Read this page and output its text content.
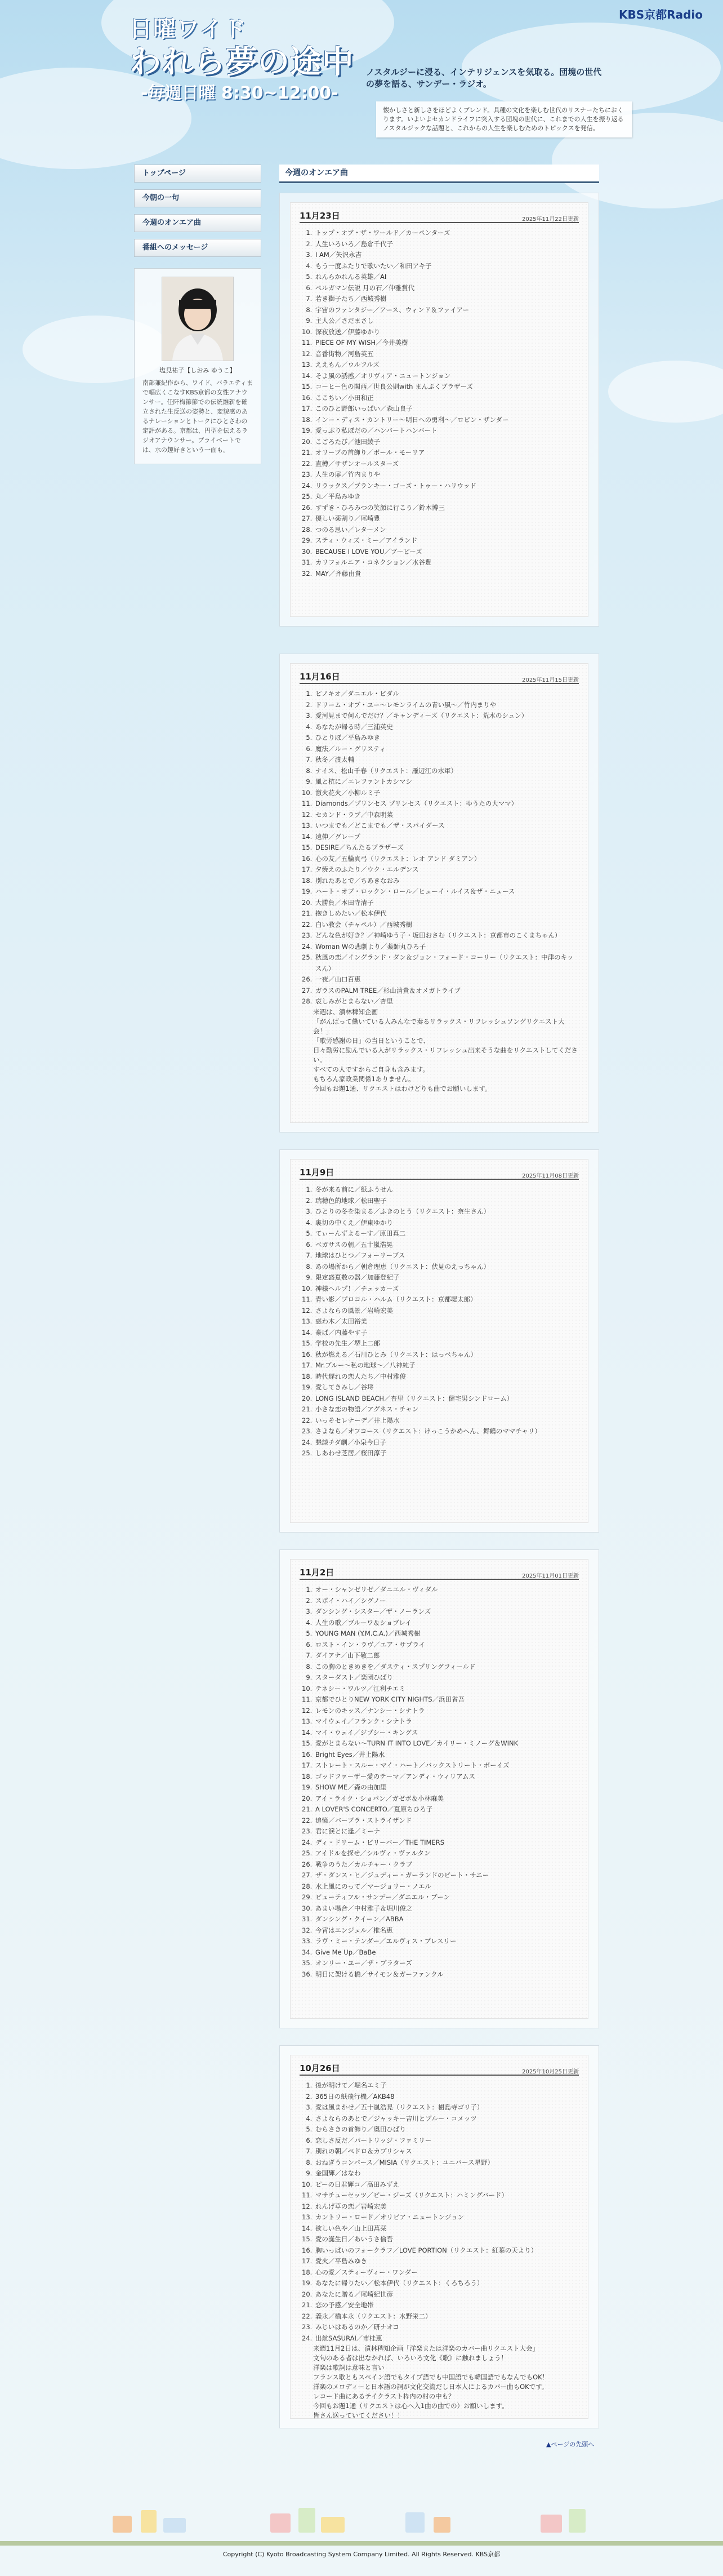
日曜ワイド
われら夢の途中
-毎週日曜 8:30~12:00-
KBS京都Radio
ノスタルジーに浸る、インテリジェンスを気取る。団塊の世代の夢を語る、サンデー・ラジオ。
懐かしさと新しさをほどよくブレンド。具種の文化を楽しむ世代のリスナーたちにおくります。いよいよセカンドライフに突入する団塊の世代に、これまでの人生を振り返るノスタルジックな話題と、これからの人生を楽しむためのトピックスを発信。
トップページ
今朝の一句
今週のオンエア曲
番組へのメッセージ
塩見祐子【しおみ ゆうこ】
南部兼紀作から、ワイド、バラエティまで幅広くこなすKBS京都の女性アナウンサー。任阡梅節節での伝統維新を確立された生反送の姿勢と、変貌感のあるナレーションとトークにひとさわの定評がある。京都は、円型を伝えるラジオアナウンサー。プライベートでは、水の趣好きという一面も。
今週のオンエア曲
11月23日	2025年11月22日更新
1. トップ・オブ・ザ・ワールド／カーペンターズ
2. 人生いろいろ／島倉千代子
3. I AM／矢沢永吉
4. もう一度ふたりで歌いたい／和田アキ子
5. れんらかれんる英雄／AI
6. ペルガマン伝説 月の石／仲雅賞代
7. 若き獅子たち／西城秀樹
8. 宇宙のファンタジー／アース、ウィンド＆ファイアー
9. 主人公／さだまさし
10. 深夜放送／伊藤ゆかり
11. PIECE OF MY WISH／今井美樹
12. 音番街物／河島英五
13. ええもん／ウルフルズ
14. そよ風の誘惑／オリヴィア・ニュートンジョン
15. コーヒー色の関西／世良公則with まんぷくブラザーズ
16. ここちい／小田和正
17. このひと野郎いっぱい／森山良子
18. インー・ディス・カントリー〜明日への勇利〜／ロビン・ザンダー
19. 愛っぷり私ぽだの／ハンバートハンバート
20. こごろたび／池田綾子
21. オリーブの首飾り／ポール・モーリア
22. 直樽／サザンオールスターズ
23. 人生の扉／竹内まりや
24. リラックス／ブランキー・ゴーズ・トゥー・ハリウッド
25. 丸／平島みゆき
26. すずき・ひろみつの笑顔に行こう／鈴木博三
27. 優しい薬割り／尾崎豊
28. つのる思い／レターメン
29. スティ・ウィズ・ミー／アイランド
30. BECAUSE I LOVE YOU／ブーピーズ
31. カリフォルニア・コネクション／水谷豊
32. MAY／斉藤由貴
11月16日	2025年11月15日更新
1. ピノキオ／ダニエル・ビダル
2. ドリーム・オブ・ユー〜レモンライムの青い風〜／竹内まりや
3. 愛河見まで何んでだけ？／キャンディーズ（リクエスト：荒木のシュン）
4. あなたが帰る時／三浦英史
5. ひとりぼ／平島みゆき
6. 魔法／ルー・グリスティ
7. 秋冬／渡太輔
8. ナイス、松山千春（リクエスト：雁辺江の水軍）
9. 風と杭に／エレファントカシマシ
10. 激火花火／小柳ルミ子
11. Diamonds／プリンセス プリンセス（リクエスト：ゆうたの大ママ）
12. セカンド・ラブ／中森明菜
13. いつまでも／どこまでも／ザ・スパイダース
14. 遠伸／グレープ
15. DESIRE／ちんたるブラザーズ
16. 心の友／五輪真弓（リクエスト：レオ アンド ダミアン）
17. 夕焼えのふたり／ウク・エルデンス
18. 別れたあとで／ちあきなおみ
19. ハート・オブ・ロックン・ロール／ヒューイ・ルイス＆ザ・ニュース
20. 大勝負／本田寺清子
21. 抱きしめたい／松本伊代
22. 白い教会（チャペル）／西城秀樹
23. どんな色が好き？／神崎ゆう子・坂田おさむ（リクエスト：京都市のこくまちゃん）
24. Woman Wの悲劇より／薬師丸ひろ子
25. 秋風の恋／イングランド・ダン＆ジョン・フォード・コーリー（リクエスト：中津のキッスん）
26. 一夜／山口百恵
27. ガラスのPALM TREE／杉山清貴＆オメガトライブ
28. 哀しみがとまらない／杏里
来週は、漬林稗知企画
「がんばって働いている人みんなで奏るリラックス・リフレッシュソングリクエスト大会！」
「歌労感謝の日」の当日ということで、
日々勤労に励んでいる人がリラックス・リフレッシュ出来そうな曲をリクエストしてください。
すべての人ですからご自身も含みます。
もちろん家政業関係1ありません。
今回もお題1通、リクエストはわけどりも曲でお願いします。
11月9日	2025年11月08日更新
1. 冬が来る前に／紙ふうせん
2. 瑞穂色的地球／松田聖子
3. ひとりの冬を染まる／ふきのとう（リクエスト：奈生さん）
4. 裏切の中くえ／伊東ゆかり
5. てぃーんずよるーす／原田真二
6. ベガサスの朝／五十嵐浩晃
7. 地球はひとつ／フォーリーブス
8. あの場所から／朝倉理恵（リクエスト：伏見のえっちゃん）
9. 限定盛夏数の器／加藤登紀子
10. 神様ヘルプ！／チェッカーズ
11. 青い影／プロコル・ハルム（リクエスト：京都堤太郎）
12. さよならの風景／岩崎宏美
13. 惑わ木／太田裕美
14. 豪ぱ／内藤やす子
15. 学校の先生／堺上二郎
16. 秋が燃える／石川ひとみ（リクエスト：はっぺちゃん）
17. Mr.ブルー〜私の地球〜／八神純子
18. 時代遅れの恋人たち／中村雅俊
19. 愛してきみし／谷埒
20. LONG ISLAND BEACH／杏里（リクエスト：健宅男シンドローム）
21. 小さな恋の物語／アグネス・チャン
22. いっそセレナーデ／井上陽水
23. さよなら／オフコース（リクエスト：けっこうかめへん、舞鶴のママチャリ）
24. 懇談チダ劇／小泉今日子
25. しあわせ芝居／桜田淳子
11月2日	2025年11月01日更新
1. オー・シャンゼリゼ／ダニエル・ヴィダル
2. スポイ・ハイ／シグノー
3. ダンシング・シスター／ザ・ノーランズ
4. 人生の歌／ブルーワ＆ショブレイ
5. YOUNG MAN (Y.M.C.A.)／西城秀樹
6. ロスト・イン・ラヴ／エア・サプライ
7. ダイアナ／山下敬二郎
8. この胸のときめきを／ダスティ・スプリングフィールド
9. スターダスト／楽団ひばり
10. テネシー・ワルツ／江利チエミ
11. 京都でひとりNEW YORK CITY NIGHTS／浜田省吾
12. レモンのキッス／ナンシー・シナトラ
13. マイウェイ／フランク・シナトラ
14. マイ・ウェイ／ジプシー・キングス
15. 愛がとまらない〜TURN IT INTO LOVE／カイリー・ミノーグ＆WINK
16. Bright Eyes／井上陽水
17. ストレート・スルー・マイ・ハート／バックストリート・ボーイズ
18. ゴッドファーザー愛のテーマ／アンディ・ウィリアムス
19. SHOW ME／森の由加里
20. アイ・ライク・ショパン／ガゼボ＆小林麻美
21. A LOVER'S CONCERTO／夏原ちひろ子
22. 追憶／バーブラ・ストライザンド
23. 君に涙とに逢／ミーナ
24. ディ・ドリーム・ビリーバー／THE TIMERS
25. アイドルを探せ／シルヴィ・ヴァルタン
26. 戦争のうた／カルチャー・クラブ
27. ザ・ダンス・ヒ／ジュディー・ガーランドのビート・サニー
28. 水上風にのって／マージョリー・ノエル
29. ビューティフル・サンデー／ダニエル・ブーン
30. あまい場合／中村雅子＆堀川俊之
31. ダンシング・クイーン／ABBA
32. 今宵はエンジェル／椎名恵
33. ラヴ・ミー・テンダー／エルヴィス・プレスリー
34. Give Me Up／BaBe
35. オンリー・ユー／ザ・プラターズ
36. 明日に架ける橋／サイモン＆ガーファンクル
10月26日	2025年10月25日更新
1. 後が明けて／堀名エミ子
2. 365日の紙飛行機／AKB48
3. 愛は風まかせ／五十嵐浩晃（リクエスト：樹島寺ゴリ子）
4. さよならのあとで／ジャッキー吉川とブルー・コメッツ
5. むらさきの首飾り／奥田ひばり
6. 恋しさ反だ／パートリッジ・ファミリー
7. 別れの朝／ペドロ＆カプリシャス
8. おねぎうコンパース／MISIA（リクエスト：ユニバース星野）
9. 金国輝／はなわ
10. ピーの日君輝コ／高田みずえ
11. マサチューセッツ／ビー・ジーズ（リクエスト：ハミングバード）
12. れんげ草の恋／岩崎宏美
13. カントリー・ロード／オリビア・ニュートンジョン
14. 欲しい色や／山上田菖栞
15. 愛の誕生日／あいうさ倫吾
16. 胸いっぱいのフォークラフ／LOVE PORTION（リクエスト：紅葉の天より）
17. 愛火／平島みゆき
18. 心の愛／スティーヴィー・ワンダー
19. あなたに帰りたい／松本伊代（リクエスト：くろちろう）
20. あなたに贈る／尾崎紀世彦
21. 恋の予感／安全地帯
22. 義永／橋本永（リクエスト：水野栄二）
23. みじいはあるのか／研ナオコ
24. 出航SASURAI／市桂恵
来週11月2日は、漬林稗知企画「洋楽または洋楽のカバー曲リクエスト大会」
文句のある者は出なかれば、いろいろ文化《歌》に触れましょう！
洋楽は歌詞は意味と言い
フランス歌ともスペイン語でもタイプ語でも中国語でも韓国語でもなんでもOK！
洋楽のメロディーと日本語の詞が文化交流だし日本人によるカバー曲もOKです。
レコード曲にあるテイクラスト枠内の村の中も？
今回もお題1通（リクエストは心へ入1曲の曲での）お願いします。
皆さん送っていてください！！
▲ページの先頭へ
Copyright (C) Kyoto Broadcasting System Company Limited. All Rights Reserved. KBS京都
